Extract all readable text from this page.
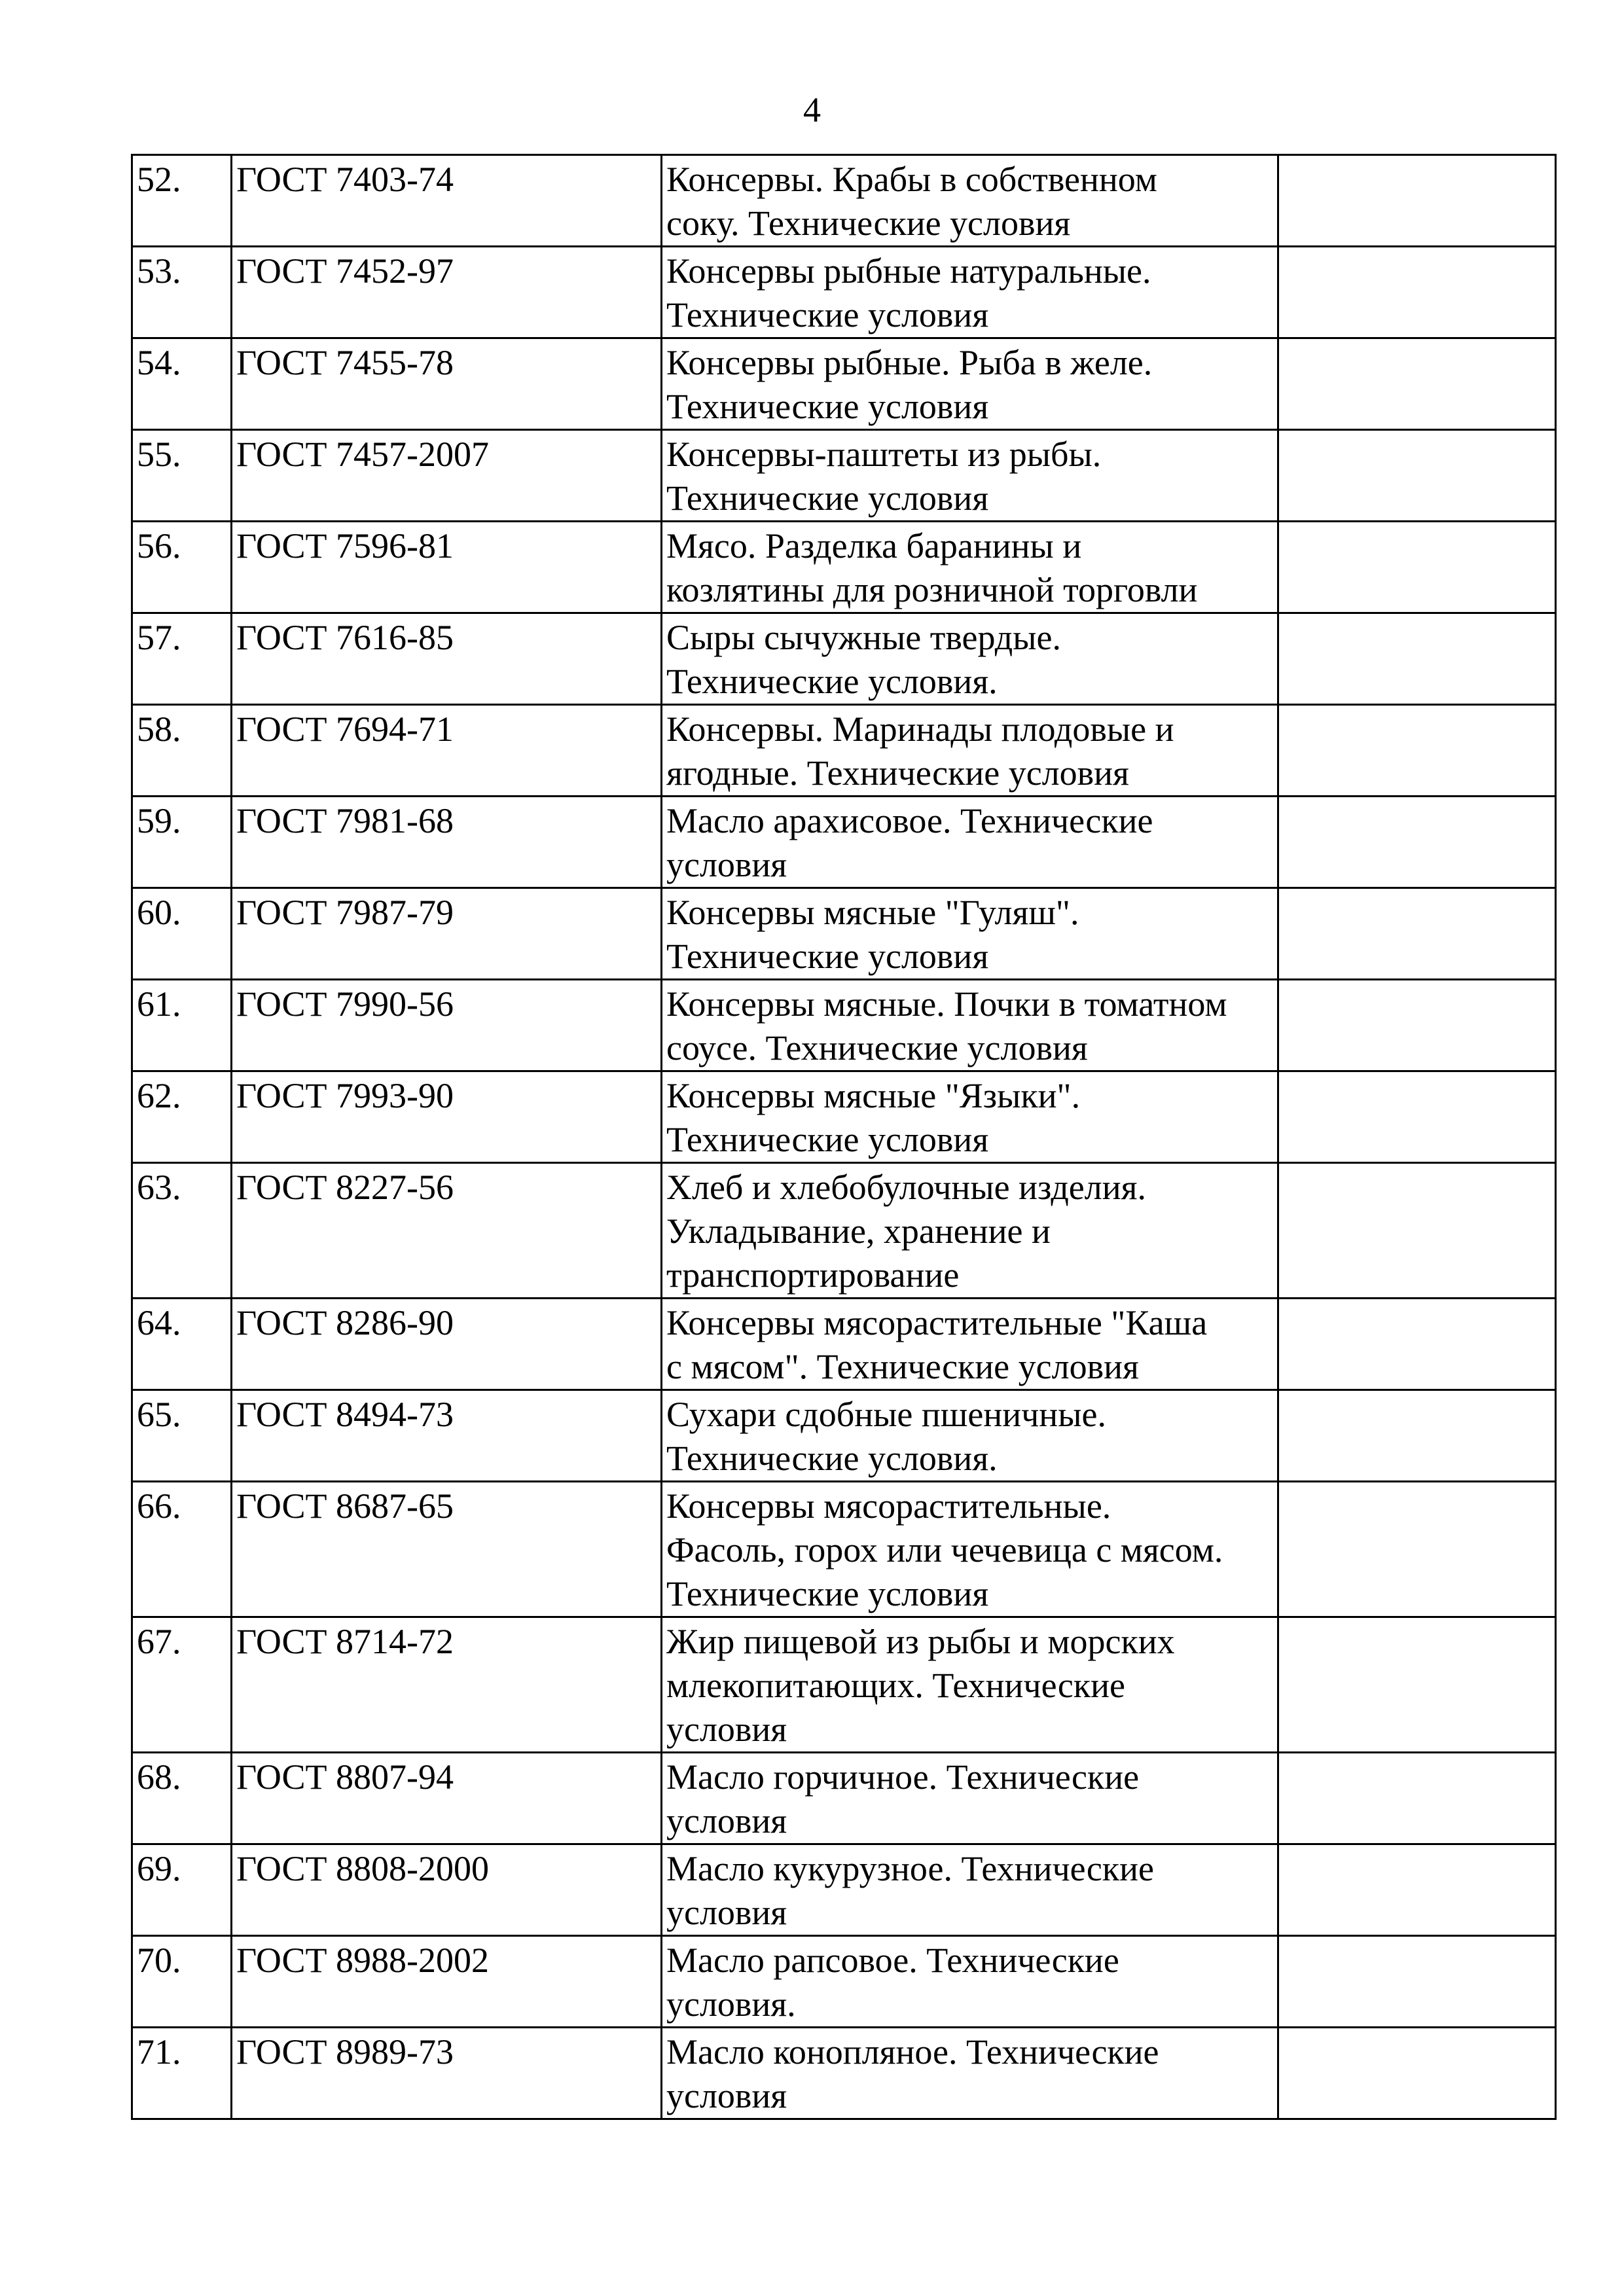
4
52.	ГОСТ 7403-74	Консервы. Крабы в собственном
соку. Технические условия	

53.	ГОСТ 7452-97	Консервы рыбные натуральные.
Технические условия	

54.	ГОСТ 7455-78	Консервы рыбные. Рыба в желе.
Технические условия	

55.	ГОСТ 7457-2007	Консервы-паштеты из рыбы.
Технические условия	

56.	ГОСТ 7596-81	Мясо. Разделка баранины и
козлятины для розничной торговли	

57.	ГОСТ 7616-85	Сыры сычужные твердые.
Технические условия.	

58.	ГОСТ 7694-71	Консервы. Маринады плодовые и
ягодные. Технические условия	

59.	ГОСТ 7981-68	Масло арахисовое. Технические
условия	

60.	ГОСТ 7987-79	Консервы мясные "Гуляш".
Технические условия	

61.	ГОСТ 7990-56	Консервы мясные. Почки в томатном
соусе. Технические условия	

62.	ГОСТ 7993-90	Консервы мясные "Языки".
Технические условия	

63.	ГОСТ 8227-56	Хлеб и хлебобулочные изделия.
Укладывание, хранение и
транспортирование	

64.	ГОСТ 8286-90	Консервы мясорастительные "Каша
с мясом". Технические условия	

65.	ГОСТ 8494-73	Сухари сдобные пшеничные.
Технические условия.	

66.	ГОСТ 8687-65	Консервы мясорастительные.
Фасоль, горох или чечевица с мясом.
Технические условия	

67.	ГОСТ 8714-72	Жир пищевой из рыбы и морских
млекопитающих. Технические
условия	

68.	ГОСТ 8807-94	Масло горчичное. Технические
условия	

69.	ГОСТ 8808-2000	Масло кукурузное. Технические
условия	

70.	ГОСТ 8988-2002	Масло рапсовое. Технические
условия.	

71.	ГОСТ 8989-73	Масло конопляное. Технические
условия	
